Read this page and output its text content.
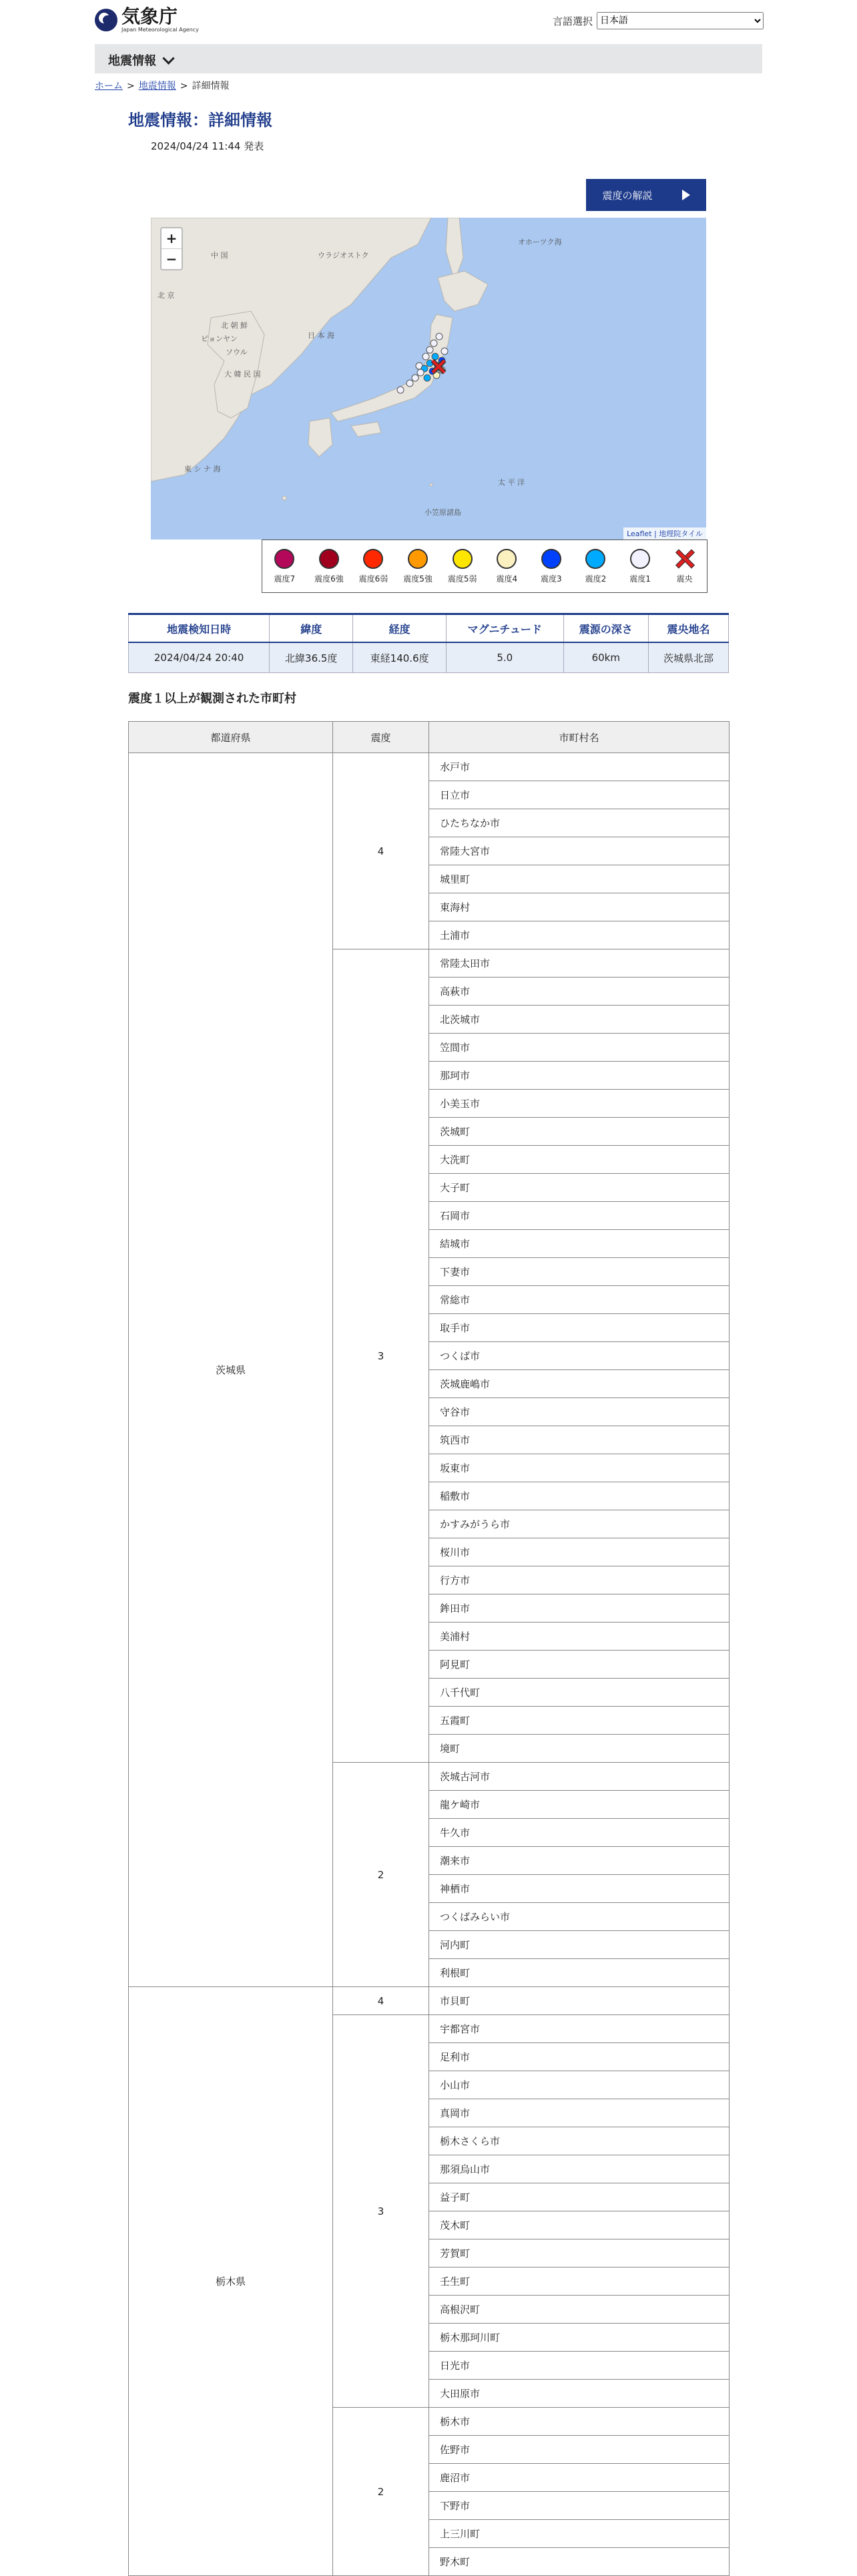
気象庁
Japan Meteorological Agency
言語選択
日本語
地震情報
ホーム > 地震情報 > 詳細情報
地震情報：詳細情報
2024/04/24 11:44 発表
震度の解説
中 国
日 本 海
太 平 洋
東 シ ナ 海
北 京
ソウル
大 韓 民 国
北 朝 鮮
ウラジオストク
ピョンヤン
小笠原諸島
オホーツク海
+
−
Leaflet | 地理院タイル
震度7 震度6強 震度6弱 震度5強 震度5弱 震度4	震度3	震度2	震度1	震央
地震検知日時	緯度	経度	マグニチュード	震源の深さ	震央地名
2024/04/24 20:40	北緯36.5度	東経140.6度	5.0	60km	茨城県北部
震度１以上が観測された市町村
都道府県	震度	市町村名
茨城県	4	水戸市
		日立市
		ひたちなか市
		常陸大宮市
		城里町
		東海村
		土浦市
	3	常陸太田市
		高萩市
		北茨城市
		笠間市
		那珂市
		小美玉市
		茨城町
		大洗町
		大子町
		石岡市
		結城市
		下妻市
		常総市
		取手市
		つくば市
		茨城鹿嶋市
		守谷市
		筑西市
		坂東市
		稲敷市
		かすみがうら市
		桜川市
		行方市
		鉾田市
		美浦村
		阿見町
		八千代町
		五霞町
		境町
	2	茨城古河市
		龍ケ崎市
		牛久市
		潮来市
		神栖市
		つくばみらい市
		河内町
		利根町
栃木県	4	市貝町
	3	宇都宮市
		足利市
		小山市
		真岡市
		栃木さくら市
		那須烏山市
		益子町
		茂木町
		芳賀町
		壬生町
		高根沢町
		栃木那珂川町
		日光市
		大田原市
	2	栃木市
		佐野市
		鹿沼市
		下野市
		上三川町
		野木町
